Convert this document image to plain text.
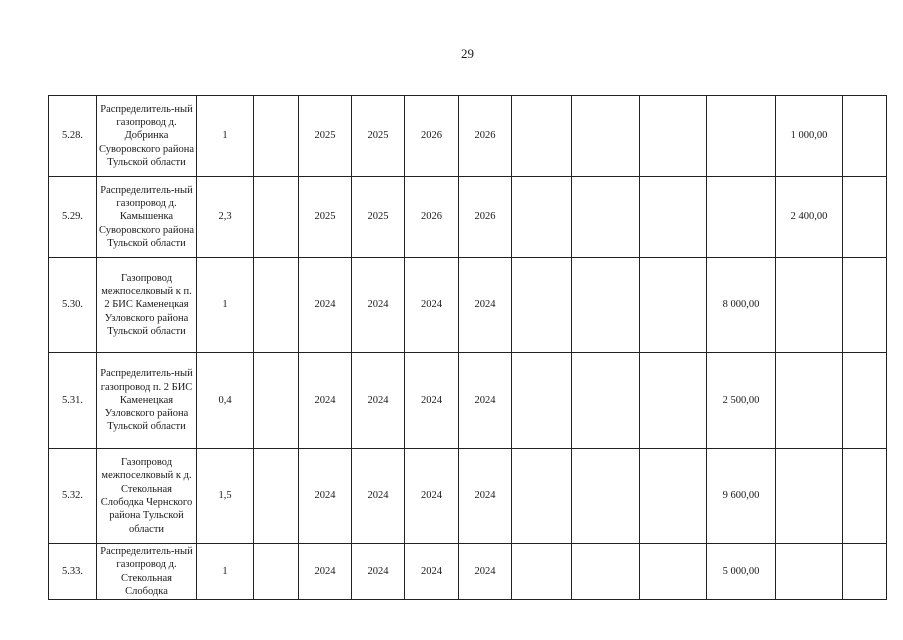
29
5.28.	Распределитель-ный газопровод д. Добринка Суворовского района Тульской области	1		2025	2025	2026	2026					1 000,00	
5.29.	Распределитель-ный газопровод д. Камышенка Суворовского района Тульской области	2,3		2025	2025	2026	2026					2 400,00	
5.30.	Газопровод межпоселковый к п. 2 БИС Каменецкая Узловского района Тульской области	1		2024	2024	2024	2024				8 000,00		
5.31.	Распределитель-ный газопровод п. 2 БИС Каменецкая Узловского района Тульской области	0,4		2024	2024	2024	2024				2 500,00		
5.32.	Газопровод межпоселковый к д. Стекольная Слободка Чернского района Тульской области	1,5		2024	2024	2024	2024				9 600,00		
5.33.	Распределитель-ный газопровод д. Стекольная Слободка	1		2024	2024	2024	2024				5 000,00		
